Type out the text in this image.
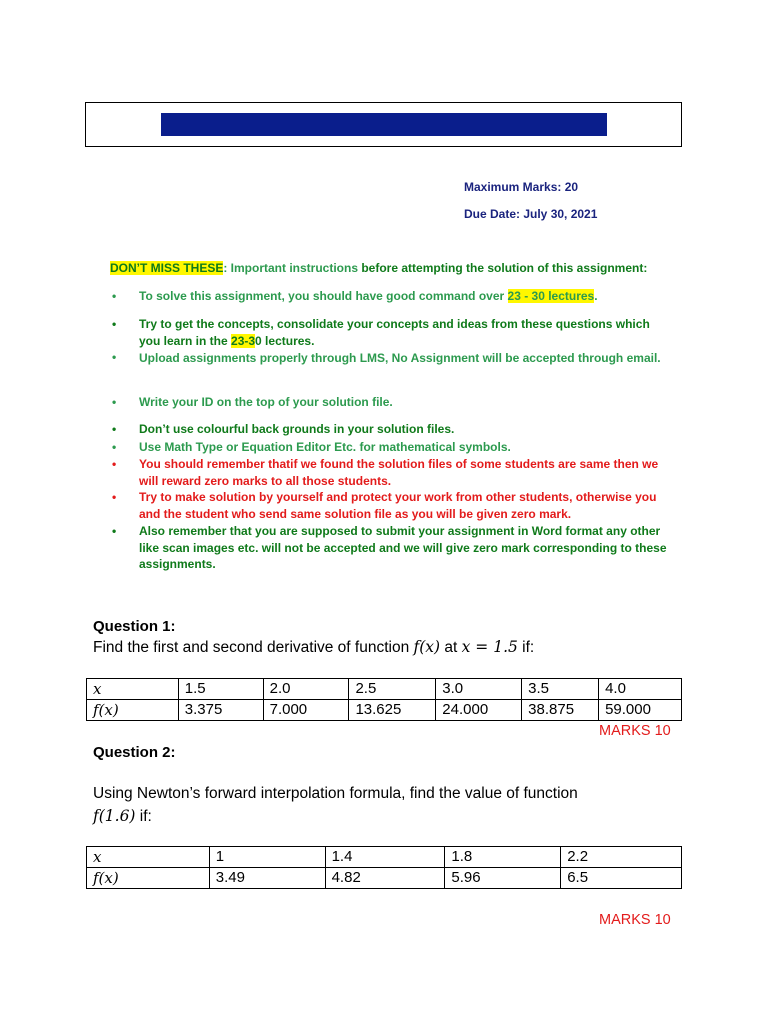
Maximum Marks: 20
Due Date: July 30, 2021
DON’T MISS THESE: Important instructions before attempting the solution of this assignment:
•	To solve this assignment, you should have good command over 23 - 30 lectures.
•	Try to get the concepts, consolidate your concepts and ideas from these questions which
you learn in the 23-30 lectures.
•	Upload assignments properly through LMS, No Assignment will be accepted through email.
•	Write your ID on the top of your solution file.
•	Don’t use colourful back grounds in your solution files.
•	Use Math Type or Equation Editor Etc. for mathematical symbols.
•	You should remember thatif we found the solution files of some students are same then we will reward zero marks to all those students.
•	Try to make solution by yourself and protect your work from other students, otherwise you and the student who send same solution file as you will be given zero mark.
•	Also remember that you are supposed to submit your assignment in Word format any other like scan images etc. will not be accepted and we will give zero mark corresponding to these assignments.
Question 1:
Find the first and second derivative of function f(x) at x = 1.5 if:
x	1.5	2.0	2.5	3.0	3.5	4.0
f(x)	3.375	7.000	13.625	24.000	38.875	59.000
MARKS 10
Question 2:
Using Newton’s forward interpolation formula, find the value of function
f(1.6) if:
x	1	1.4	1.8	2.2
f(x)	3.49	4.82	5.96	6.5
MARKS 10
